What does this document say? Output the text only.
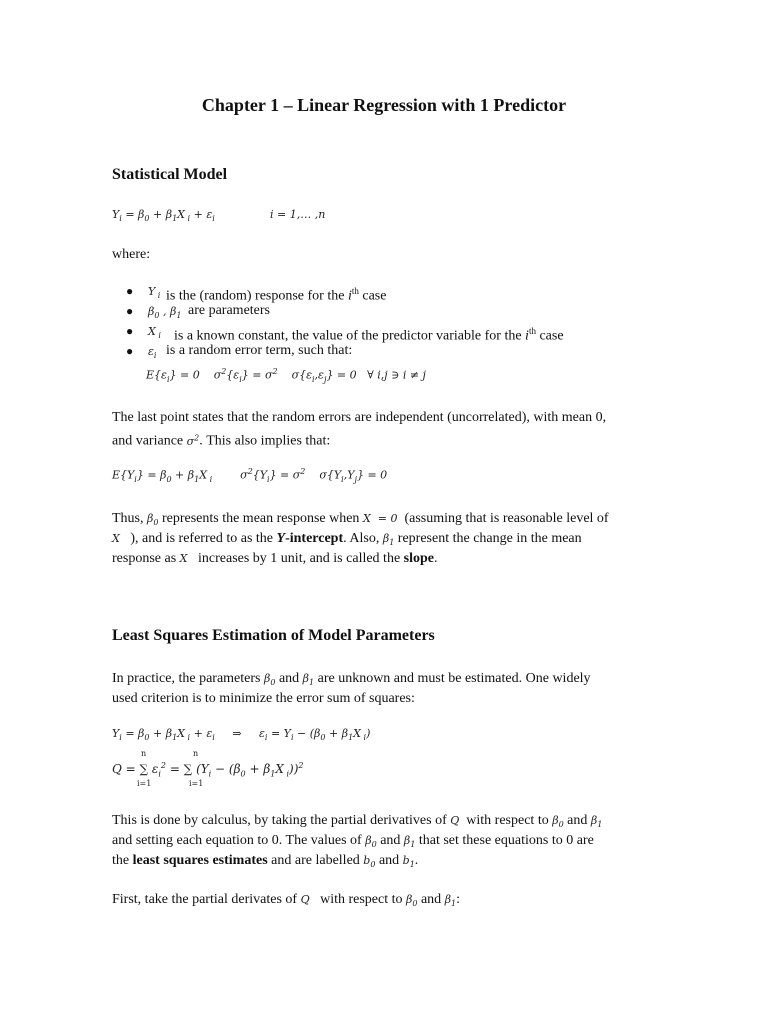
Chapter 1 – Linear Regression with 1 Predictor
Statistical Model
$Y_i = \beta_0 + \beta_1X$ $_i + \varepsilon_i$	i = 1,… ,n
where:
● Y $_i$ is the (random) response for the $i^{th}$ case
● $\beta_0$ , $\beta_1$ are parameters
● X $_i$ is a known constant, the value of the predictor variable for the $i^{th}$ case
● $\varepsilon_i$ is a random error term, such that:
$E\{\varepsilon_i\} = 0$    $\sigma^2\{\varepsilon_i\} = \sigma^2$    $\sigma\{\varepsilon_i,\varepsilon_j\} = 0$   ∀ i,j ∋ i ≠ j
The last point states that the random errors are independent (uncorrelated), with mean 0,
and variance $\sigma^2$. This also implies that:
$E\{Y_i\} = \beta_0 + \beta_1X$ $_i$        $\sigma^2\{Y_i\} = \sigma^2$    $\sigma\{Y_i,Y_j\} = 0$
Thus, $\beta_0$ represents the mean response when X  = 0  (assuming that is reasonable level of
X   ), and is referred to as the Y-intercept. Also, $\beta_1$ represent the change in the mean
response as X   increases by 1 unit, and is called the slope.
Least Squares Estimation of Model Parameters
In practice, the parameters $\beta_0$ and $\beta_1$ are unknown and must be estimated. One widely
used criterion is to minimize the error sum of squares:
$Y_i = \beta_0 + \beta_1X$ $_i + \varepsilon_i$     ⇒     $\varepsilon_i = Y_i - (\beta_0 + \beta_1X$ $_i$)
n	n
Q = ∑ $\varepsilon_i^2$ = ∑ ($Y_i - (\beta_0 + \beta_1X$ $_i$))$^2$
i=1	i=1
This is done by calculus, by taking the partial derivatives of Q  with respect to $\beta_0$ and $\beta_1$
and setting each equation to 0. The values of $\beta_0$ and $\beta_1$ that set these equations to 0 are
the least squares estimates and are labelled $b_0$ and $b_1$.
First, take the partial derivates of Q   with respect to $\beta_0$ and $\beta_1$:
